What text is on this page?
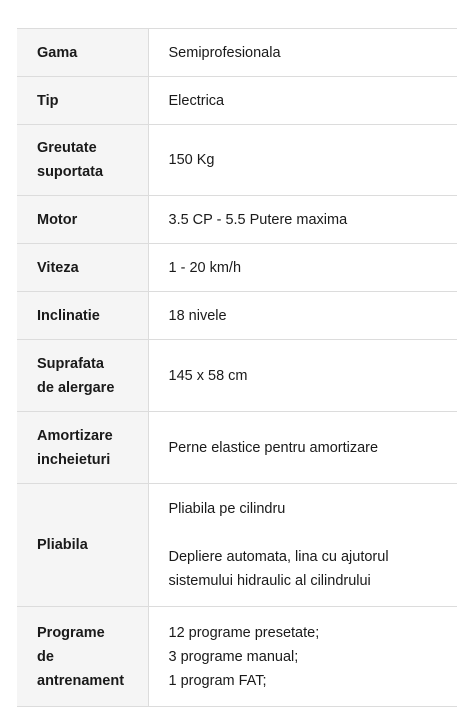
Gama	Semiprofesionala

Tip	Electrica

Greutate
suportata	150 Kg

Motor	3.5 CP - 5.5 Putere maxima

Viteza	1 - 20 km/h

Inclinatie	18 nivele

Suprafata
de alergare	145 x 58 cm

Amortizare
incheieturi	Perne elastice pentru amortizare

Pliabila	Pliabila pe cilindru
Depliere automata, lina cu ajutorul
sistemului hidraulic al cilindrului

Programe
de
antrenament	12 programe presetate;
3 programe manual;
1 program FAT;
